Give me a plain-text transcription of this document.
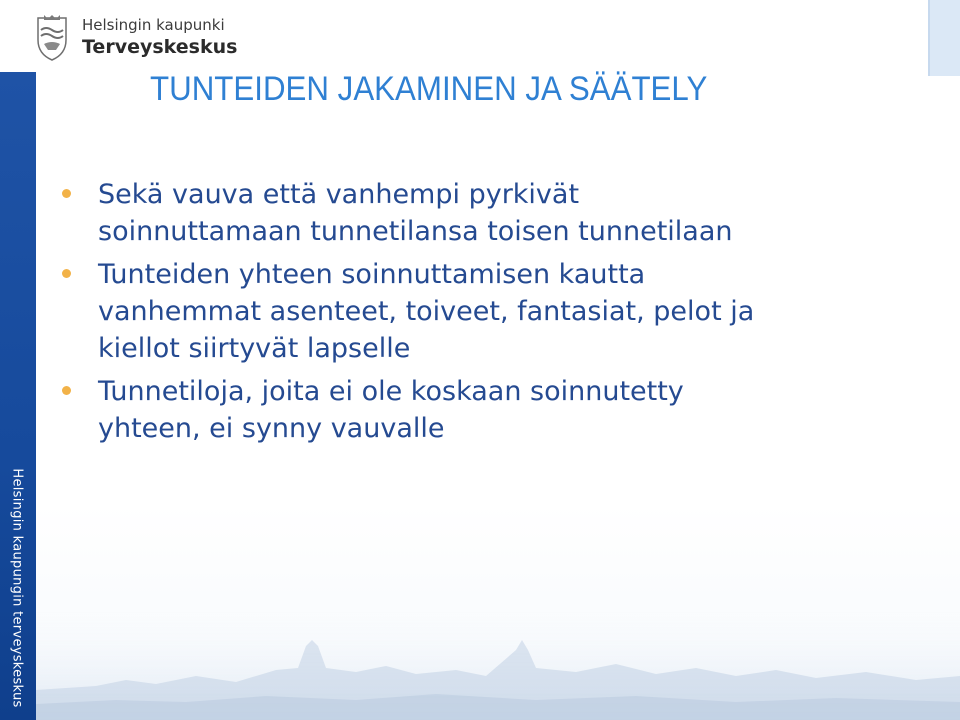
Helsingin kaupunki
Terveyskeskus
Helsingin kaupungin terveyskeskus
TUNTEIDEN JAKAMINEN JA SÄÄTELY
Sekä vauva että vanhempi pyrkivät
soinnuttamaan tunnetilansa toisen tunnetilaan
Tunteiden yhteen soinnuttamisen kautta
vanhemmat asenteet, toiveet, fantasiat, pelot ja
kiellot siirtyvät lapselle
Tunnetiloja, joita ei ole koskaan soinnutetty
yhteen, ei synny vauvalle
